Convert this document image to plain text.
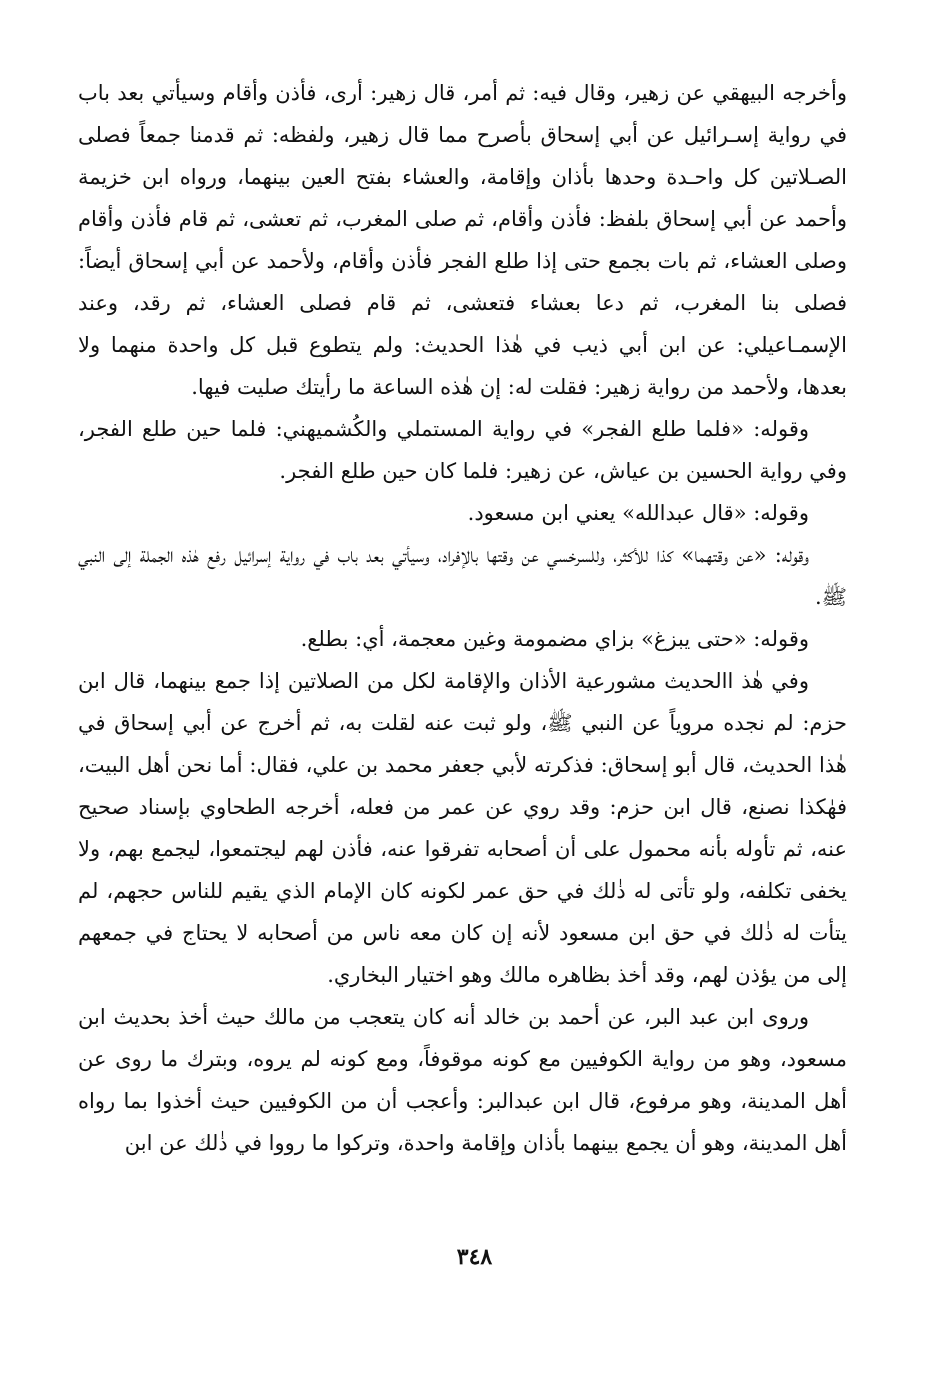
وأخرجه البيهقي عن زهير، وقال فيه: ثم أمر، قال زهير: أرى، فأذن وأقام وسيأتي بعد باب في رواية إسـرائيل عن أبي إسحاق بأصرح مما قال زهير، ولفظه: ثم قدمنا جمعاً فصلى الصـلاتين كل واحـدة وحدها بأذان وإقامة، والعشاء بفتح العين بينهما، ورواه ابن خزيمة وأحمد عن أبي إسحاق بلفظ: فأذن وأقام، ثم صلى المغرب، ثم تعشى، ثم قام فأذن وأقام وصلى العشاء، ثم بات بجمع حتى إذا طلع الفجر فأذن وأقام، ولأحمد عن أبي إسحاق أيضاً: فصلى بنا المغرب، ثم دعا بعشاء فتعشى، ثم قام فصلى العشاء، ثم رقد، وعند الإسمـاعيلي: عن ابن أبي ذيب في هٰذا الحديث: ولم يتطوع قبل كل واحدة منهما ولا بعدها، ولأحمد من رواية زهير: فقلت له: إن هٰذه الساعة ما رأيتك صليت فيها.

وقوله: «فلما طلع الفجر» في رواية المستملي والكُشميهني: فلما حين طلع الفجر، وفي رواية الحسين بن عياش، عن زهير: فلما كان حين طلع الفجر.

وقوله: «قال عبدالله» يعني ابن مسعود.

وقوله: «عن وقتهما» كذا للأكثر، وللسرخسي عن وقتها بالإفراد، وسيأتي بعد باب في رواية إسرائيل رفع هٰذه الجملة إلى النبي ﷺ.

وقوله: «حتى يبزغ» بزاي مضمومة وغين معجمة، أي: بطلع.

وفي هٰذ االحديث مشورعية الأذان والإقامة لكل من الصلاتين إذا جمع بينهما، قال ابن حزم: لم نجده مروياً عن النبي ﷺ، ولو ثبت عنه لقلت به، ثم أخرج عن أبي إسحاق في هٰذا الحديث، قال أبو إسحاق: فذكرته لأبي جعفر محمد بن علي، فقال: أما نحن أهل البيت، فهٰكذا نصنع، قال ابن حزم: وقد روي عن عمر من فعله، أخرجه الطحاوي بإسناد صحيح عنه، ثم تأوله بأنه محمول على أن أصحابه تفرقوا عنه، فأذن لهم ليجتمعوا، ليجمع بهم، ولا يخفى تكلفه، ولو تأتى له ذٰلك في حق عمر لكونه كان الإمام الذي يقيم للناس حجهم، لم يتأت له ذٰلك في حق ابن مسعود لأنه إن كان معه ناس من أصحابه لا يحتاج في جمعهم إلى من يؤذن لهم، وقد أخذ بظاهره مالك وهو اختيار البخاري.

وروى ابن عبد البر، عن أحمد بن خالد أنه كان يتعجب من مالك حيث أخذ بحديث ابن مسعود، وهو من رواية الكوفيين مع كونه موقوفاً، ومع كونه لم يروه، وبترك ما روى عن أهل المدينة، وهو مرفوع، قال ابن عبدالبر: وأعجب أن من الكوفيين حيث أخذوا بما رواه أهل المدينة، وهو أن يجمع بينهما بأذان وإقامة واحدة، وتركوا ما رووا في ذٰلك عن ابن

٣٤٨
